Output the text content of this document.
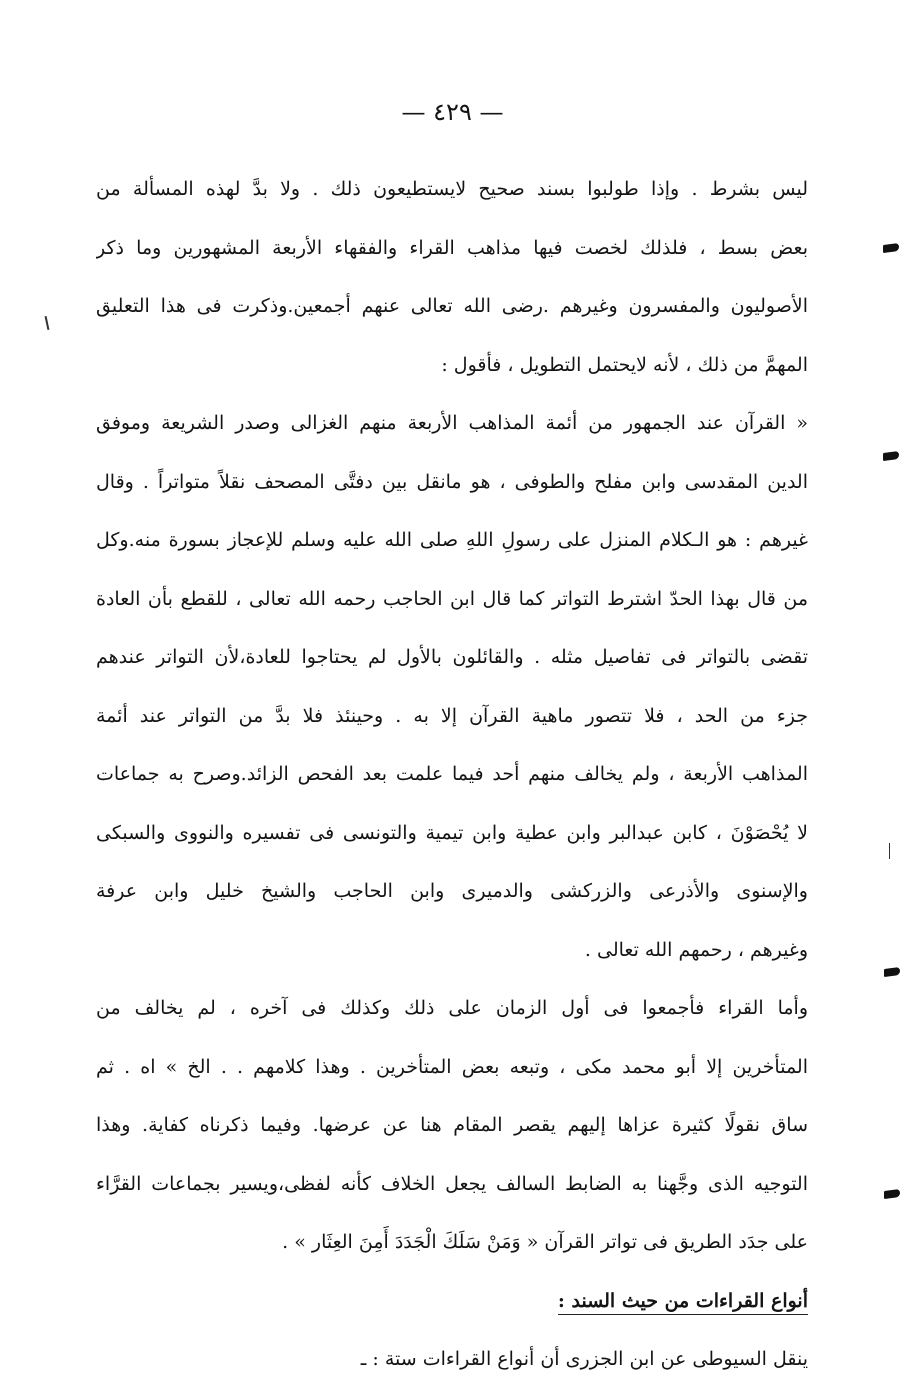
— ٤٢٩ —
ليس بشرط . وإذا طولبوا بسند صحيح لايستطيعون ذلك . ولا بدَّ لهذه المسألة من
بعض بسط ، فلذلك لخصت فيها مذاهب القراء والفقهاء الأربعة المشهورين وما ذكر
الأصوليون والمفسرون وغيرهم .رضى الله تعالى عنهم أجمعين.وذكرت فى هذا التعليق
المهمَّ من ذلك ، لأنه لايحتمل التطويل ، فأقول :
« القرآن عند الجمهور من أئمة المذاهب الأربعة منهم الغزالى وصدر الشريعة وموفق
الدين المقدسى وابن مفلح والطوفى ، هو مانقل بين دفتَّى المصحف نقلاً متواتراً . وقال
غيرهم : هو الـكلام المنزل على رسولِ اللهِ صلى الله عليه وسلم للإعجاز بسورة منه.وكل
من قال بهذا الحدّ اشترط التواتر كما قال ابن الحاجب رحمه الله تعالى ، للقطع بأن العادة
تقضى بالتواتر فى تفاصيل مثله . والقائلون بالأول لم يحتاجوا للعادة،لأن التواتر عندهم
جزء من الحد ، فلا تتصور ماهية القرآن إلا به . وحينئذ فلا بدَّ من التواتر عند أئمة
المذاهب الأربعة ، ولم يخالف منهم أحد فيما علمت بعد الفحص الزائد.وصرح به جماعات
لا يُحْصَوْنَ ، كابن عبدالبر وابن عطية وابن تيمية والتونسى فى تفسيره والنووى والسبكى
والإسنوى والأذرعى والزركشى والدميرى وابن الحاجب والشيخ خليل وابن عرفة
وغيرهم ، رحمهم الله تعالى .
وأما القراء فأجمعوا فى أول الزمان على ذلك وكذلك فى آخره ، لم يخالف من
المتأخرين إلا أبو محمد مكى ، وتبعه بعض المتأخرين . وهذا كلامهم . . الخ » اه . ثم
ساق نقولًا كثيرة عزاها إليهم يقصر المقام هنا عن عرضها. وفيما ذكرناه كفاية. وهذا
التوجيه الذى وجَّهنا به الضابط السالف يجعل الخلاف كأنه لفظى،ويسير بجماعات القرَّاء
على جدَد الطريق فى تواتر القرآن « وَمَنْ سَلَكَ الْجَدَدَ أَمِنَ العِثَار » .
أنواع القراءات من حيث السند :
ينقل السيوطى عن ابن الجزرى أن أنواع القراءات ستة : ـ
